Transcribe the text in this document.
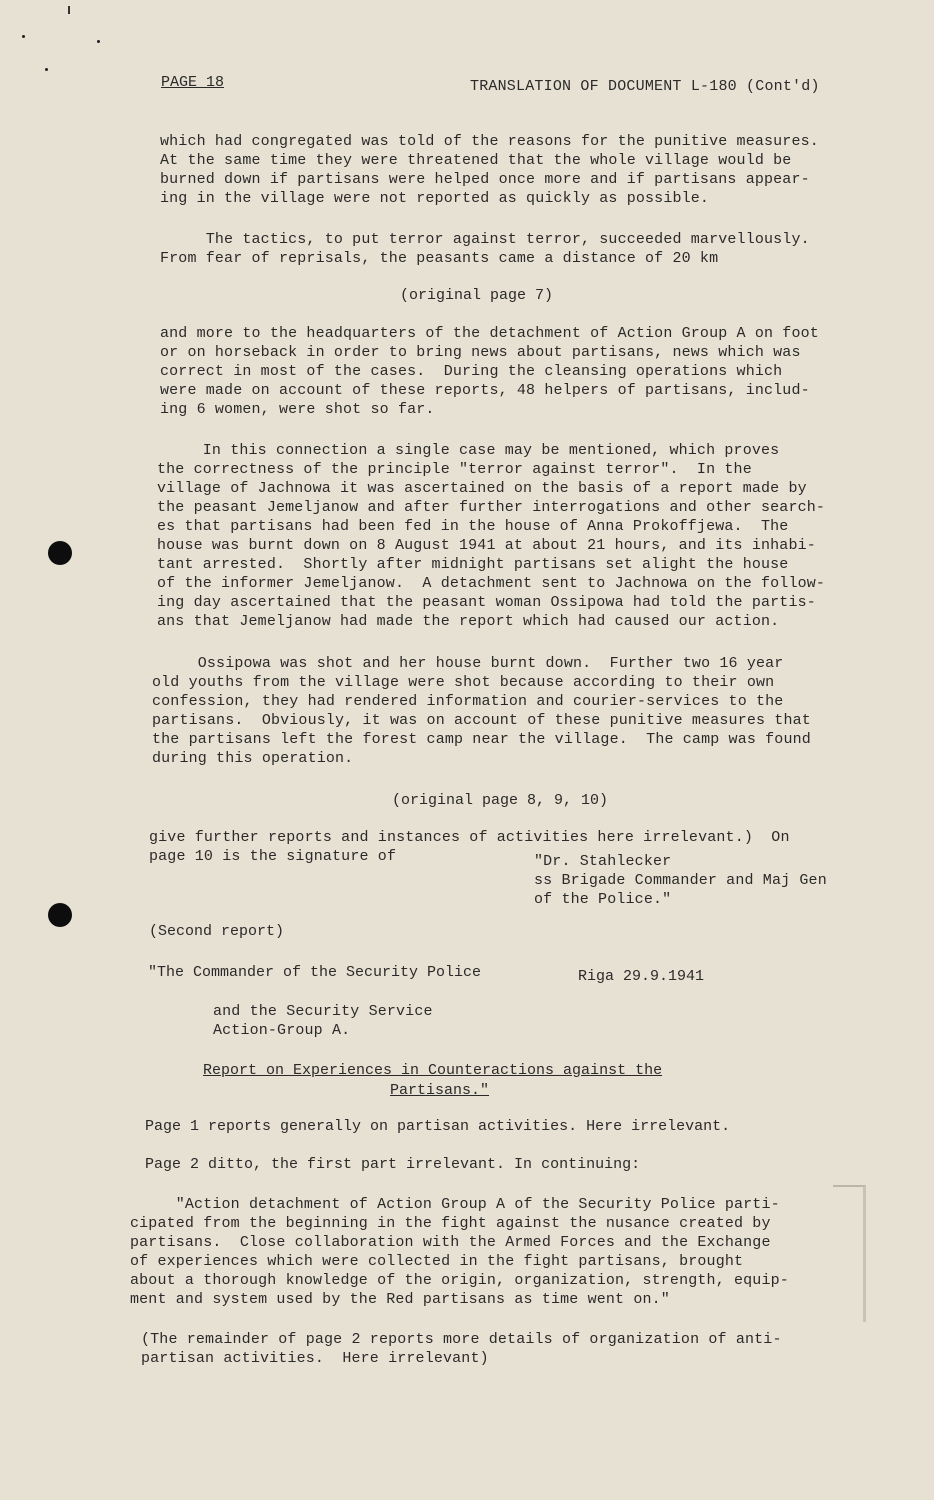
PAGE 18	TRANSLATION OF DOCUMENT L-180 (Cont'd)

which had congregated was told of the reasons for the punitive measures.

At the same time they were threatened that the whole village would be

burned down if partisans were helped once more and if partisans appear-

ing in the village were not reported as quickly as possible.

The tactics, to put terror against terror, succeeded marvellously.

From fear of reprisals, the peasants came a distance of 20 km

(original page 7)

and more to the headquarters of the detachment of Action Group A on foot

or on horseback in order to bring news about partisans, news which was

correct in most of the cases.  During the cleansing operations which

were made on account of these reports, 48 helpers of partisans, includ-

ing 6 women, were shot so far.

In this connection a single case may be mentioned, which proves

the correctness of the principle "terror against terror".  In the

village of Jachnowa it was ascertained on the basis of a report made by

the peasant Jemeljanow and after further interrogations and other search-

es that partisans had been fed in the house of Anna Prokoffjewa.  The

house was burnt down on 8 August 1941 at about 21 hours, and its inhabi-

tant arrested.  Shortly after midnight partisans set alight the house

of the informer Jemeljanow.  A detachment sent to Jachnowa on the follow-

ing day ascertained that the peasant woman Ossipowa had told the partis-

ans that Jemeljanow had made the report which had caused our action.

Ossipowa was shot and her house burnt down.  Further two 16 year

old youths from the village were shot because according to their own

confession, they had rendered information and courier-services to the

partisans.  Obviously, it was on account of these punitive measures that

the partisans left the forest camp near the village.  The camp was found

during this operation.

(original page 8, 9, 10)

give further reports and instances of activities here irrelevant.)  On

page 10 is the signature of	"Dr. Stahlecker

ss Brigade Commander and Maj Gen

of the Police."

(Second report)
"The Commander of the Security Police	Riga 29.9.1941

and the Security Service

Action-Group A.

Report on Experiences in Counteractions against the
Partisans."
Page 1 reports generally on partisan activities. Here irrelevant.
Page 2 ditto, the first part irrelevant. In continuing:

"Action detachment of Action Group A of the Security Police parti-

cipated from the beginning in the fight against the nusance created by

partisans.  Close collaboration with the Armed Forces and the Exchange

of experiences which were collected in the fight partisans, brought

about a thorough knowledge of the origin, organization, strength, equip-

ment and system used by the Red partisans as time went on."

(The remainder of page 2 reports more details of organization of anti-

partisan activities.  Here irrelevant)
